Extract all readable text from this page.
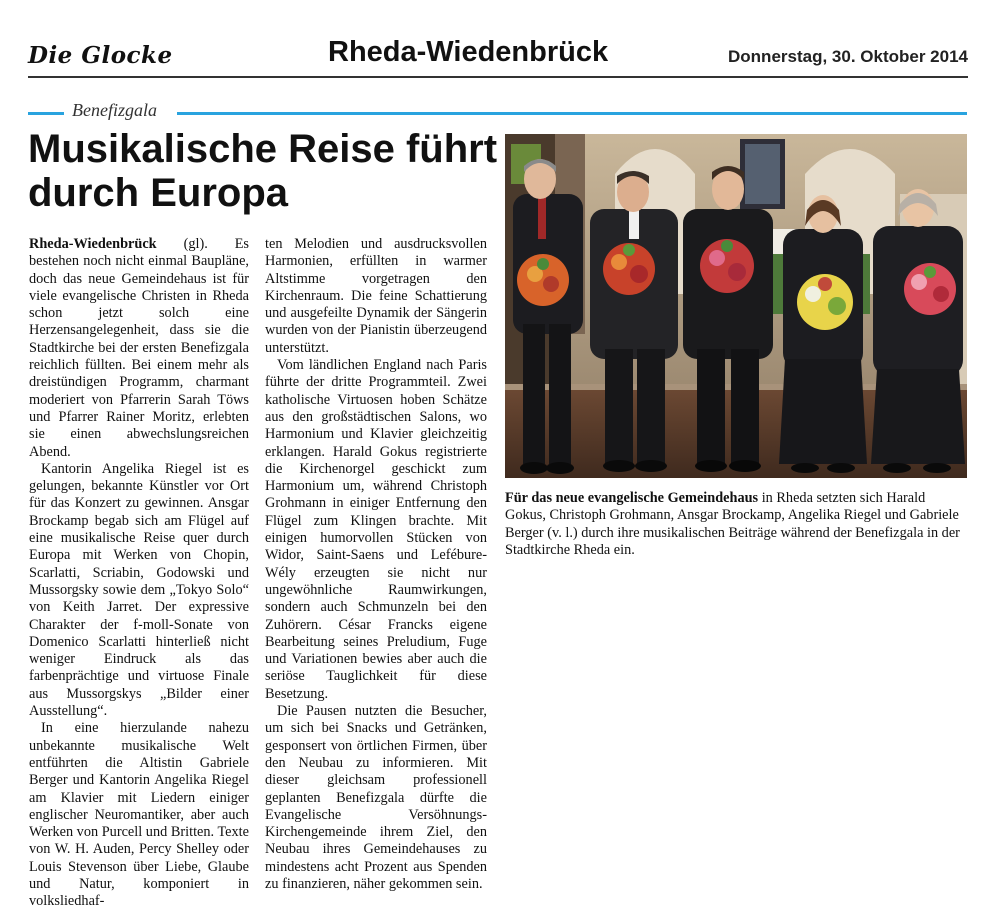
Die Glocke	Rheda-Wiedenbrück	Donnerstag, 30. Oktober 2014
Benefizgala
Musikalische Reise führt durch Europa

Rheda-Wiedenbrück (gl). Es bestehen noch nicht einmal Baupläne, doch das neue Gemeindehaus ist für viele evangelische Christen in Rheda schon jetzt solch eine Herzensangelegenheit, dass sie die Stadtkirche bei der ersten Benefizgala reichlich füllten. Bei einem mehr als dreistündigen Programm, charmant moderiert von Pfarrerin Sarah Töws und Pfarrer Rainer Moritz, erlebten sie einen abwechslungsreichen Abend.

Kantorin Angelika Riegel ist es gelungen, bekannte Künstler vor Ort für das Konzert zu gewinnen. Ansgar Brockamp begab sich am Flügel auf eine musikalische Reise quer durch Europa mit Werken von Chopin, Scarlatti, Scriabin, Godowski und Mussorgsky sowie dem „Tokyo Solo“ von Keith Jarret. Der expressive Charakter der f-moll-Sonate von Domenico Scarlatti hinterließ nicht weniger Eindruck als das farbenprächtige und virtuose Finale aus Mussorgskys „Bilder einer Ausstellung“.

In eine hierzulande nahezu unbekannte musikalische Welt entführten die Altistin Gabriele Berger und Kantorin Angelika Riegel am Klavier mit Liedern einiger englischer Neuromantiker, aber auch Werken von Purcell und Britten. Texte von W. H. Auden, Percy Shelley oder Louis Stevenson über Liebe, Glaube und Natur, komponiert in volksliedhaf-

ten Melodien und ausdrucksvollen Harmonien, erfüllten in warmer Altstimme vorgetragen den Kirchenraum. Die feine Schattierung und ausgefeilte Dynamik der Sängerin wurden von der Pianistin überzeugend unterstützt.

Vom ländlichen England nach Paris führte der dritte Programmteil. Zwei katholische Virtuosen hoben Schätze aus den großstädtischen Salons, wo Harmonium und Klavier gleichzeitig erklangen. Harald Gokus registrierte die Kirchenorgel geschickt zum Harmonium um, während Christoph Grohmann in einiger Entfernung den Flügel zum Klingen brachte. Mit einigen humorvollen Stücken von Widor, Saint-Saens und Lefébure-Wély erzeugten sie nicht nur ungewöhnliche Raumwirkungen, sondern auch Schmunzeln bei den Zuhörern. César Francks eigene Bearbeitung seines Preludium, Fuge und Variationen bewies aber auch die seriöse Tauglichkeit für diese Besetzung.

Die Pausen nutzten die Besucher, um sich bei Snacks und Getränken, gesponsert von örtlichen Firmen, über den Neubau zu informieren. Mit dieser gleichsam professionell geplanten Benefizgala dürfte die Evangelische Versöhnungs-Kirchengemeinde ihrem Ziel, den Neubau ihres Gemeindehauses zu mindestens acht Prozent aus Spenden zu finanzieren, näher gekommen sein.

Für das neue evangelische Gemeindehaus in Rheda setzten sich Harald Gokus, Christoph Grohmann, Ansgar Brockamp, Angelika Riegel und Gabriele Berger (v. l.) durch ihre musikalischen Beiträge während der Benefizgala in der Stadtkirche Rheda ein.
